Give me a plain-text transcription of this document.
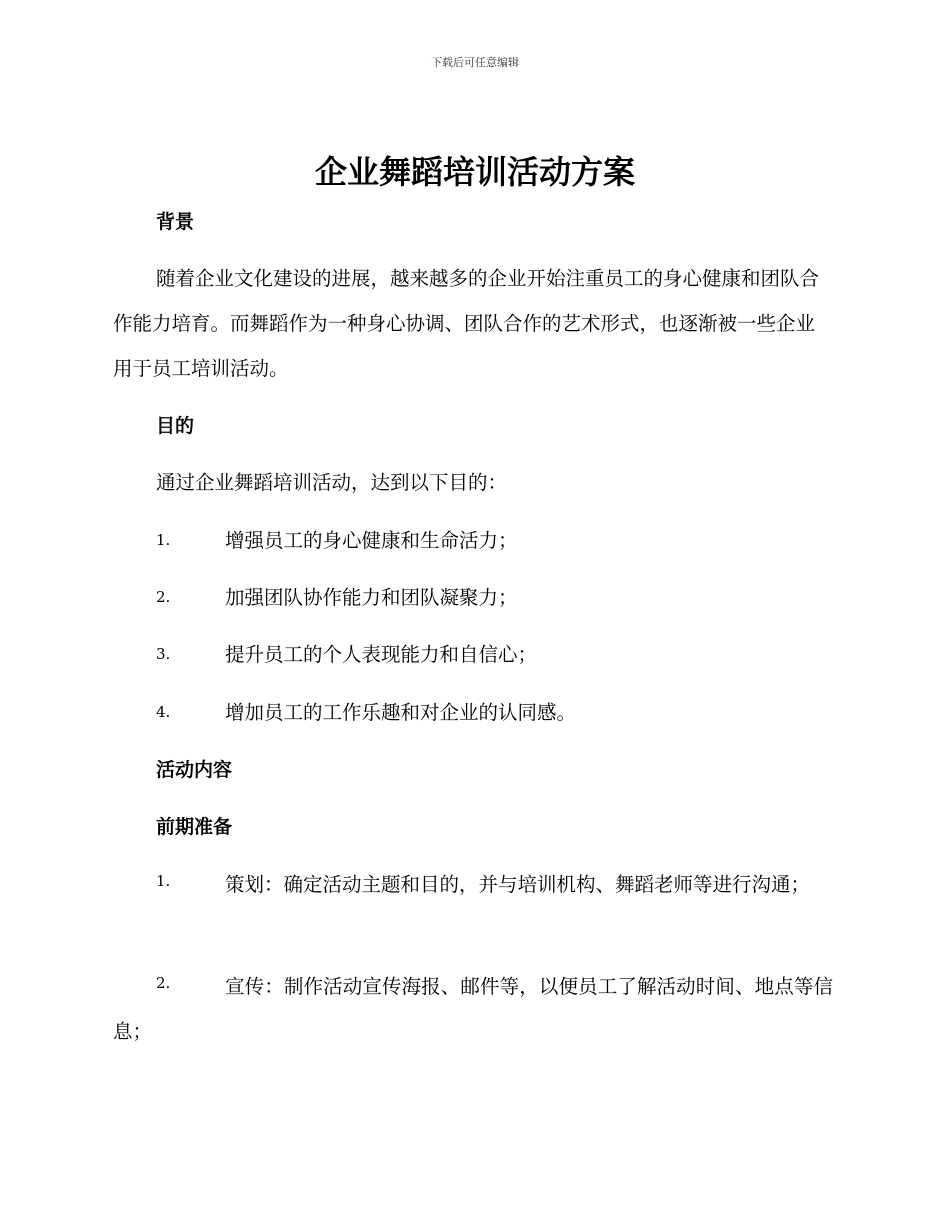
下载后可任意编辑
企业舞蹈培训活动方案
背景

随着企业文化建设的进展，越来越多的企业开始注重员工的身心健康和团队合作能力培育。而舞蹈作为一种身心协调、团队合作的艺术形式，也逐渐被一些企业用于员工培训活动。

目的
通过企业舞蹈培训活动，达到以下目的：
1.	增强员工的身心健康和生命活力；
2.	加强团队协作能力和团队凝聚力；
3.	提升员工的个人表现能力和自信心；
4.	增加员工的工作乐趣和对企业的认同感。
活动内容
前期准备
1.	策划：确定活动主题和目的，并与培训机构、舞蹈老师等进行沟通；

2.	宣传：制作活动宣传海报、邮件等，以便员工了解活动时间、地点等信息；
